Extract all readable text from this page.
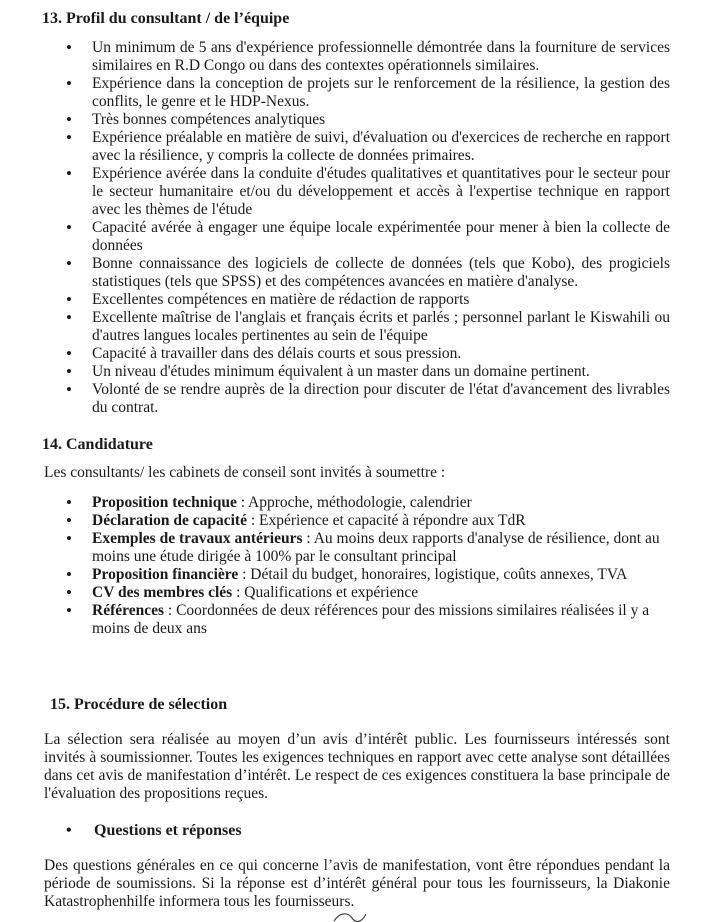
13. Profil du consultant / de l’équipe
• Un minimum de 5 ans d'expérience professionnelle démontrée dans la fourniture de services similaires en R.D Congo ou dans des contextes opérationnels similaires.
• Expérience dans la conception de projets sur le renforcement de la résilience, la gestion des conflits, le genre et le HDP-Nexus.
• Très bonnes compétences analytiques
• Expérience préalable en matière de suivi, d'évaluation ou d'exercices de recherche en rapport avec la résilience, y compris la collecte de données primaires.
• Expérience avérée dans la conduite d'études qualitatives et quantitatives pour le secteur pour le secteur humanitaire et/ou du développement et accès à l'expertise technique en rapport avec les thèmes de l'étude
• Capacité avérée à engager une équipe locale expérimentée pour mener à bien la collecte de données
• Bonne connaissance des logiciels de collecte de données (tels que Kobo), des progiciels statistiques (tels que SPSS) et des compétences avancées en matière d'analyse.
• Excellentes compétences en matière de rédaction de rapports
• Excellente maîtrise de l'anglais et français écrits et parlés ; personnel parlant le Kiswahili ou d'autres langues locales pertinentes au sein de l'équipe
• Capacité à travailler dans des délais courts et sous pression.
• Un niveau d'études minimum équivalent à un master dans un domaine pertinent.
• Volonté de se rendre auprès de la direction pour discuter de l'état d'avancement des livrables du contrat.
14. Candidature
Les consultants/ les cabinets de conseil sont invités à soumettre :
• Proposition technique : Approche, méthodologie, calendrier
• Déclaration de capacité : Expérience et capacité à répondre aux TdR
• Exemples de travaux antérieurs : Au moins deux rapports d'analyse de résilience, dont au moins une étude dirigée à 100% par le consultant principal
• Proposition financière : Détail du budget, honoraires, logistique, coûts annexes, TVA
• CV des membres clés : Qualifications et expérience
• Références : Coordonnées de deux références pour des missions similaires réalisées il y a moins de deux ans
15. Procédure de sélection
La sélection sera réalisée au moyen d’un avis d’intérêt public. Les fournisseurs intéressés sont invités à soumissionner. Toutes les exigences techniques en rapport avec cette analyse sont détaillées dans cet avis de manifestation d’intérêt. Le respect de ces exigences constituera la base principale de l'évaluation des propositions reçues.
• Questions et réponses
Des questions générales en ce qui concerne l’avis de manifestation, vont être répondues pendant la période de soumissions. Si la réponse est d’intérêt général pour tous les fournisseurs, la Diakonie Katastrophenhilfe informera tous les fournisseurs.
